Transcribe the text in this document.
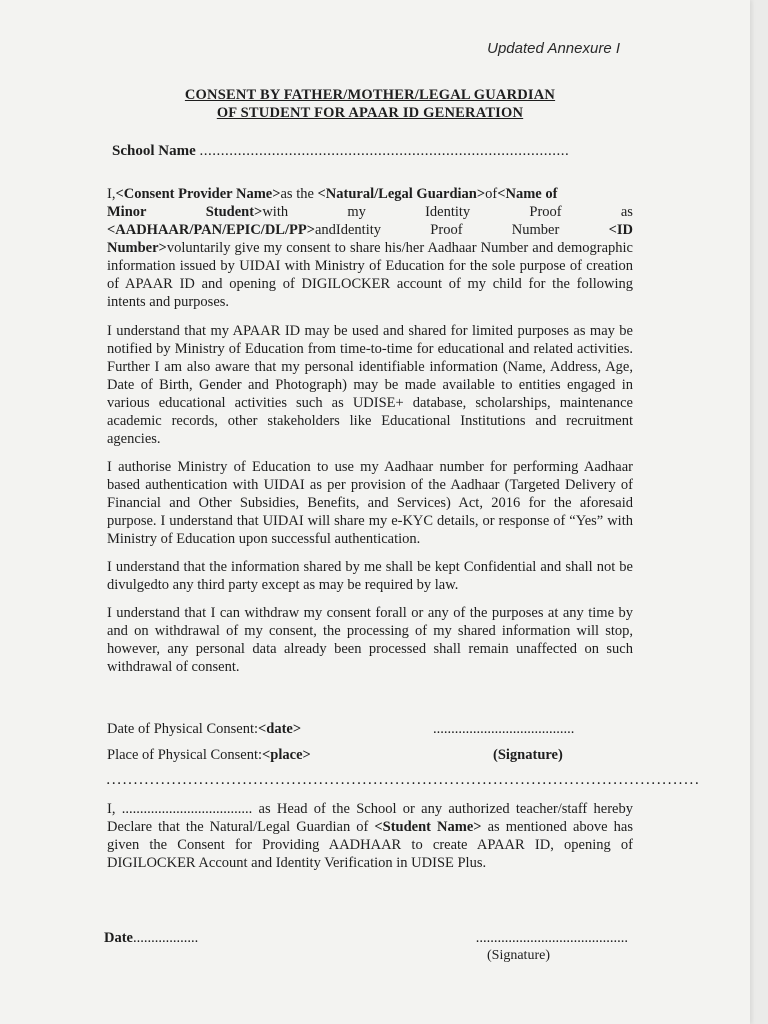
Updated Annexure I
CONSENT BY FATHER/MOTHER/LEGAL GUARDIAN
OF STUDENT FOR APAAR ID GENERATION
School Name .......................................................................................

I,<Consent Provider Name>as the <Natural/Legal Guardian>of<Name of
Minor	Student>with	my	Identity	Proof	as
<AADHAAR/PAN/EPIC/DL/PP>andIdentity	Proof	Number	<ID
Number>voluntarily give my consent to share his/her Aadhaar Number and demographic information issued by UIDAI with Ministry of Education for the sole purpose of creation of APAAR ID and opening of DIGILOCKER account of my child for the following intents and purposes.

I understand that my APAAR ID may be used and shared for limited purposes as may be notified by Ministry of Education from time-to-time for educational and related activities. Further I am also aware that my personal identifiable information (Name, Address, Age, Date of Birth, Gender and Photograph) may be made available to entities engaged in various educational activities such as UDISE+ database, scholarships, maintenance academic records, other stakeholders like Educational Institutions and recruitment agencies.

I authorise Ministry of Education to use my Aadhaar number for performing Aadhaar based authentication with UIDAI as per provision of the Aadhaar (Targeted Delivery of Financial and Other Subsidies, Benefits, and Services) Act, 2016 for the aforesaid purpose. I understand that UIDAI will share my e-KYC details, or response of “Yes” with Ministry of Education upon successful authentication.

I understand that the information shared by me shall be kept Confidential and shall not be divulgedto any third party except as may be required by law.

I understand that I can withdraw my consent forall or any of the purposes at any time by and on withdrawal of my consent, the processing of my shared information will stop, however, any personal data already been processed shall remain unaffected on such withdrawal of consent.

Date of Physical Consent:<date>	.......................................
Place of Physical Consent:<place>	(Signature)
.............................................................................................................

I, .................................... as Head of the School or any authorized teacher/staff hereby Declare that the Natural/Legal Guardian of <Student Name> as mentioned above has given the Consent for Providing AADHAAR to create APAAR ID, opening of DIGILOCKER Account and Identity Verification in UDISE Plus.

Date..................	..........................................
(Signature)
